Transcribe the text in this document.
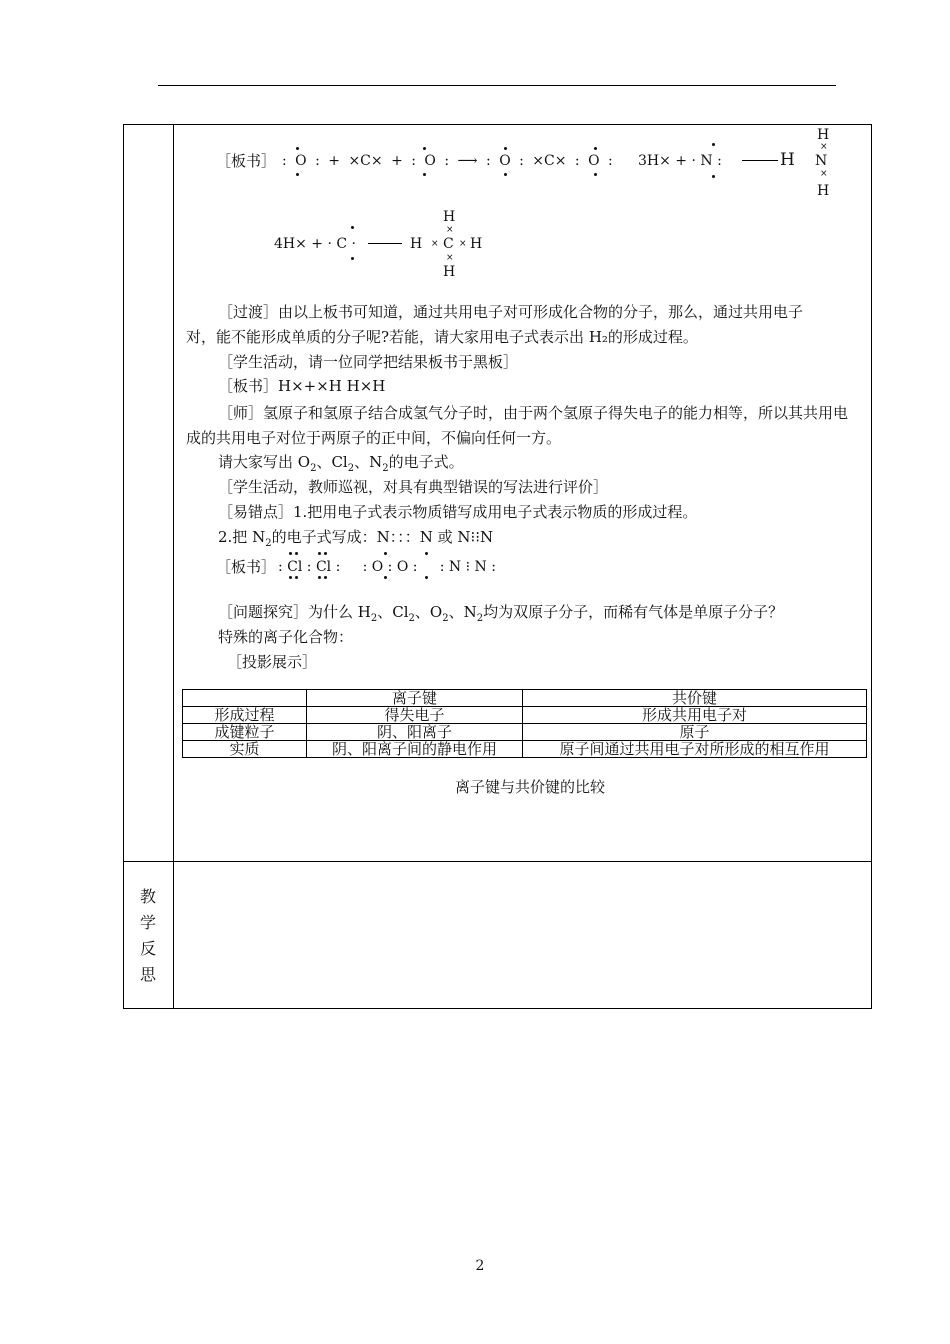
教
学
反
思
［板书］ : O : + ⨯C⨯ + : O : ⟶ : O : ⨯C⨯ : O : 3H× + · N :	H
H
×
N
×
H
4H× + · C ·	H
H
C H
H
×
×
× ×
［过渡］由以上板书可知道，通过共用电子对可形成化合物的分子，那么，通过共用电子
对，能不能形成单质的分子呢?若能，请大家用电子式表示出 H₂的形成过程。
［学生活动，请一位同学把结果板书于黑板］
［板书］H×+×H H⨯H
［师］氢原子和氢原子结合成氢气分子时，由于两个氢原子得失电子的能力相等，所以其共用电
成的共用电子对位于两原子的正中间，不偏向任何一方。
请大家写出 $O_2$、$Cl_2$、$N_2$的电子式。
［学生活动，教师巡视，对具有典型错误的写法进行评价］
［易错点］1.把用电子式表示物质错写成用电子式表示物质的形成过程。
2.把 $N_2$的电子式写成：N：：：N 或 N⁝⁝N
［板书］ : Cl : Cl :     : O : O :     : N ⁝ N :
［问题探究］为什么 $H_2$、$Cl_2$、$O_2$、$N_2$均为双原子分子，而稀有气体是单原子分子？
特殊的离子化合物：
［投影展示］
	离子键	共价键
形成过程	得失电子	形成共用电子对
成键粒子	阴、阳离子	原子
实质	阴、阳离子间的静电作用	原子间通过共用电子对所形成的相互作用
离子键与共价键的比较
2
